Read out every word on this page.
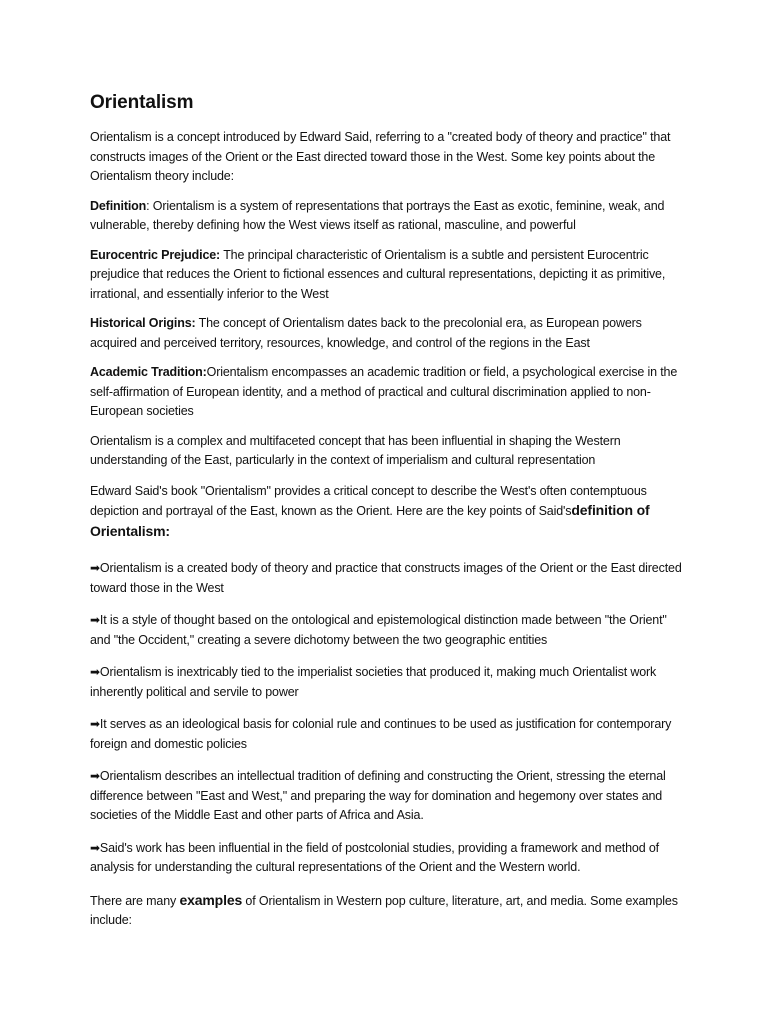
Orientalism

Orientalism is a concept introduced by Edward Said, referring to a "created body of theory and practice" that constructs images of the Orient or the East directed toward those in the West. Some key points about the Orientalism theory include:

Definition: Orientalism is a system of representations that portrays the East as exotic, feminine, weak, and vulnerable, thereby defining how the West views itself as rational, masculine, and powerful

Eurocentric Prejudice: The principal characteristic of Orientalism is a subtle and persistent Eurocentric prejudice that reduces the Orient to fictional essences and cultural representations, depicting it as primitive, irrational, and essentially inferior to the West

Historical Origins: The concept of Orientalism dates back to the precolonial era, as European powers acquired and perceived territory, resources, knowledge, and control of the regions in the East

Academic Tradition:Orientalism encompasses an academic tradition or field, a psychological exercise in the self-affirmation of European identity, and a method of practical and cultural discrimination applied to non-European societies

Orientalism is a complex and multifaceted concept that has been influential in shaping the Western understanding of the East, particularly in the context of imperialism and cultural representation

Edward Said's book "Orientalism" provides a critical concept to describe the West's often contemptuous depiction and portrayal of the East, known as the Orient. Here are the key points of Said'sdefinition of Orientalism:

➡Orientalism is a created body of theory and practice that constructs images of the Orient or the East directed toward those in the West

➡It is a style of thought based on the ontological and epistemological distinction made between "the Orient" and "the Occident," creating a severe dichotomy between the two geographic entities

➡Orientalism is inextricably tied to the imperialist societies that produced it, making much Orientalist work inherently political and servile to power

➡It serves as an ideological basis for colonial rule and continues to be used as justification for contemporary foreign and domestic policies

➡Orientalism describes an intellectual tradition of defining and constructing the Orient, stressing the eternal difference between "East and West," and preparing the way for domination and hegemony over states and societies of the Middle East and other parts of Africa and Asia.

➡Said's work has been influential in the field of postcolonial studies, providing a framework and method of analysis for understanding the cultural representations of the Orient and the Western world.

There are many examples of Orientalism in Western pop culture, literature, art, and media. Some examples include:
